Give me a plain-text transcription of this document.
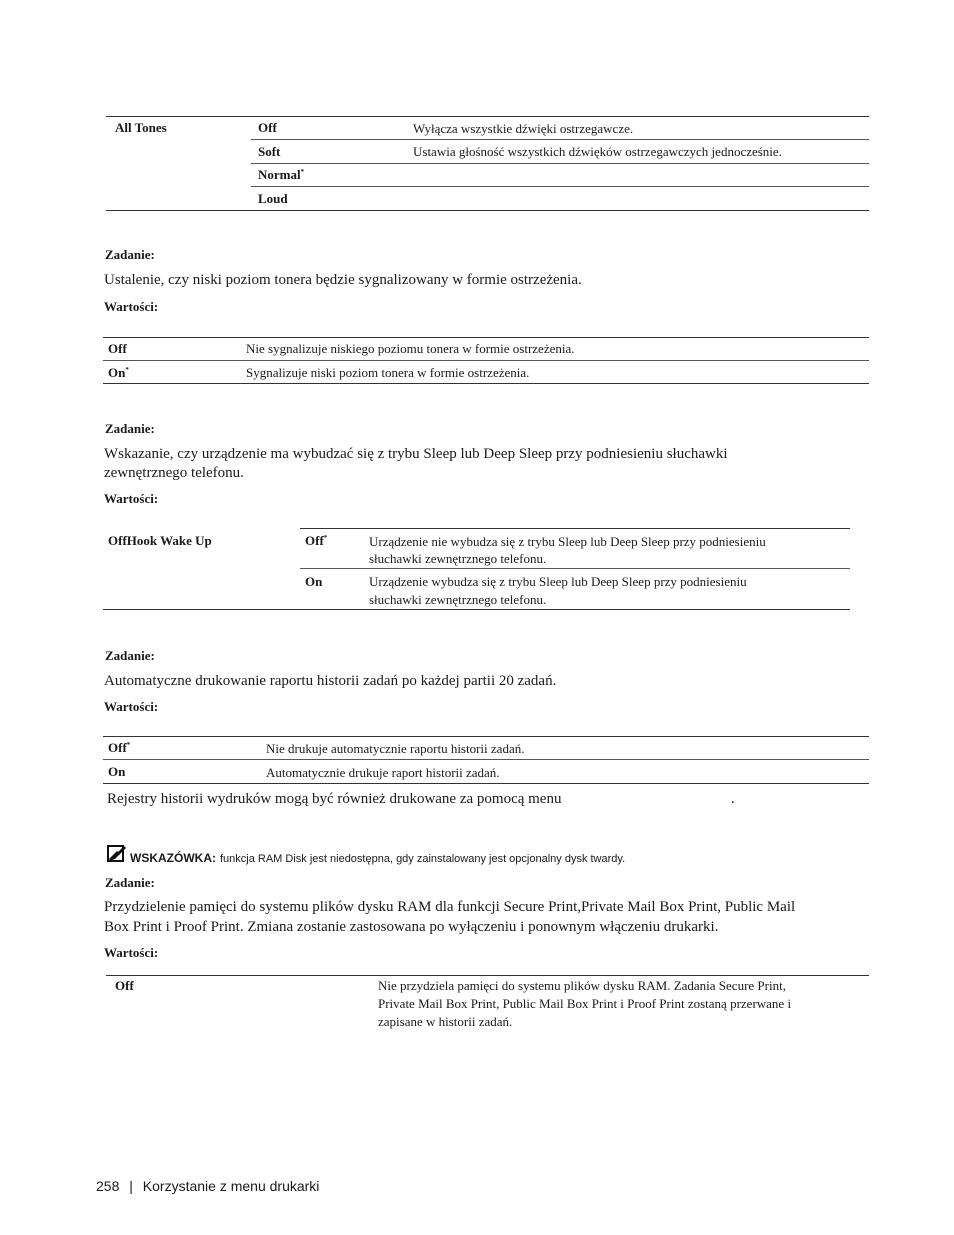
All Tones	Off	Wyłącza wszystkie dźwięki ostrzegawcze.
Soft	Ustawia głośność wszystkich dźwięków ostrzegawczych jednocześnie.
Normal*
Loud
Zadanie:
Ustalenie, czy niski poziom tonera będzie sygnalizowany w formie ostrzeżenia.
Wartości:
Off	Nie sygnalizuje niskiego poziomu tonera w formie ostrzeżenia.
On*	Sygnalizuje niski poziom tonera w formie ostrzeżenia.
Zadanie:
Wskazanie, czy urządzenie ma wybudzać się z trybu Sleep lub Deep Sleep przy podniesieniu słuchawki
zewnętrznego telefonu.
Wartości:
OffHook Wake Up	Off*	Urządzenie nie wybudza się z trybu Sleep lub Deep Sleep przy podniesieniu
słuchawki zewnętrznego telefonu.
On	Urządzenie wybudza się z trybu Sleep lub Deep Sleep przy podniesieniu
słuchawki zewnętrznego telefonu.
Zadanie:
Automatyczne drukowanie raportu historii zadań po każdej partii 20 zadań.
Wartości:
Off*	Nie drukuje automatycznie raportu historii zadań.
On	Automatycznie drukuje raport historii zadań.
Rejestry historii wydruków mogą być również drukowane za pomocą menu	.
WSKAZÓWKA: funkcja RAM Disk jest niedostępna, gdy zainstalowany jest opcjonalny dysk twardy.
Zadanie:
Przydzielenie pamięci do systemu plików dysku RAM dla funkcji Secure Print,Private Mail Box Print, Public Mail
Box Print i Proof Print. Zmiana zostanie zastosowana po wyłączeniu i ponownym włączeniu drukarki.
Wartości:
Off	Nie przydziela pamięci do systemu plików dysku RAM. Zadania Secure Print,
Private Mail Box Print, Public Mail Box Print i Proof Print zostaną przerwane i
zapisane w historii zadań.
258 | Korzystanie z menu drukarki
